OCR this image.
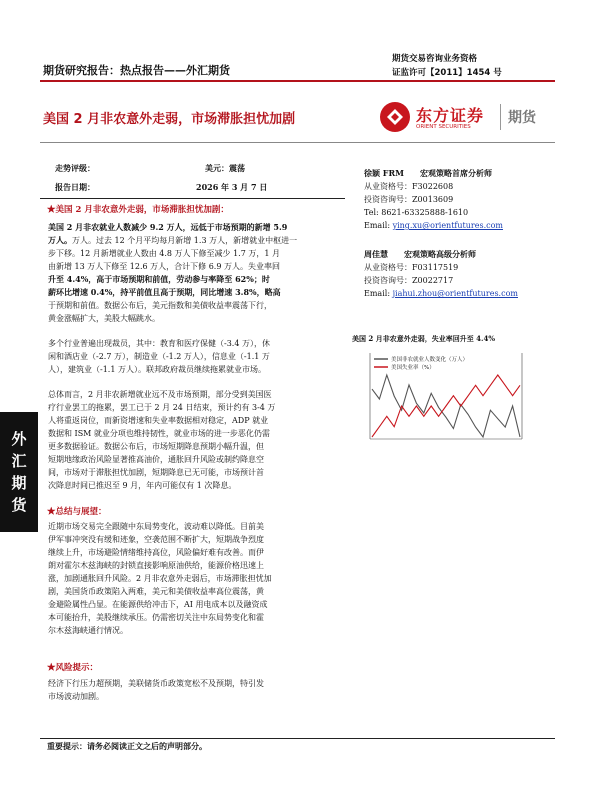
期货交易咨询业务资格
证监许可【2011】1454 号
期货研究报告：热点报告——外汇期货
美国 2 月非农意外走弱，市场滞胀担忧加剧	东方证券
ORIENT SECURITIES
期货
走势评级：	美元：震荡
报告日期：	2026 年 3 月 7 日
★美国 2 月非农意外走弱，市场滞胀担忧加剧：
美国 2 月非农就业人数减少 9.2 万人，远低于市场预期的新增 5.9
万人。万人。过去 12 个月平均每月新增 1.3 万人，新增就业中枢进一
步下移。12 月新增就业人数由 4.8 万人下修至减少 1.7 万，1 月
由新增 13 万人下修至 12.6 万人，合计下修 6.9 万人。失业率回
升至 4.4%，高于市场预期和前值，劳动参与率降至 62%；时
薪环比增速 0.4%，持平前值且高于预期，同比增速 3.8%，略高
于预期和前值。数据公布后，美元指数和美债收益率震荡下行，
黄金涨幅扩大，美股大幅跳水。
多个行业普遍出现裁员，其中：教育和医疗保健（-3.4 万），休
闲和酒店业（-2.7 万），制造业（-1.2 万人），信息业（-1.1 万
人），建筑业（-1.1 万人）。联邦政府裁员继续拖累就业市场。
总体而言，2 月非农新增就业远不及市场预期，部分受到美国医
疗行业罢工的拖累，罢工已于 2 月 24 日结束，预计约有 3-4 万
人将重返岗位，而新资增速和失业率数据相对稳定，ADP 就业
数据和 ISM 就业分项也维持韧性，就业市场的进一步恶化仍需
更多数据验证。数据公布后，市场短期降息预期小幅升温，但
短期地缘政治风险显著推高油价，通胀回升风险或制约降息空
间，市场对于滞胀担忧加剧，短期降息已无可能，市场预计首
次降息时间已推迟至 9 月，年内可能仅有 1 次降息。
★总结与展望：
近期市场交易完全跟随中东局势变化，波动难以降低。目前美
伊军事冲突没有缓和迹象，空袭范围不断扩大，短期战争烈度
继续上升，市场避险情绪维持高位，风险偏好难有改善。而伊
朗对霍尔木兹海峡的封锁直接影响原油供给，能源价格迅速上
涨，加剧通胀回升风险。2 月非农意外走弱后，市场滞胀担忧加
剧，美国货币政策陷入两难，美元和美债收益率高位震荡，黄
金避险属性凸显。在能源供给冲击下，AI 用电成本以及融资成
本可能抬升，美股继续承压。仍需密切关注中东局势变化和霍
尔木兹海峡通行情况。
★风险提示：
经济下行压力超预期，美联储货币政策宽松不及预期，特引发
市场波动加剧。
外
汇
期
货
徐颖 FRM　　宏观策略首席分析师
从业资格号：F3022608
投资咨询号：Z0013609
Tel: 8621-63325888-1610
Email: ying.xu@orientfutures.com
周佳慧　　宏观策略高级分析师
从业资格号：F03117519
投资咨询号：Z0022717
Email: jiahui.zhou@orientfutures.com
美国 2 月非农意外走弱，失业率回升至 4.4%
美国非农就业人数变化（万人）
美国失业率（%）
重要提示：请务必阅读正文之后的声明部分。
